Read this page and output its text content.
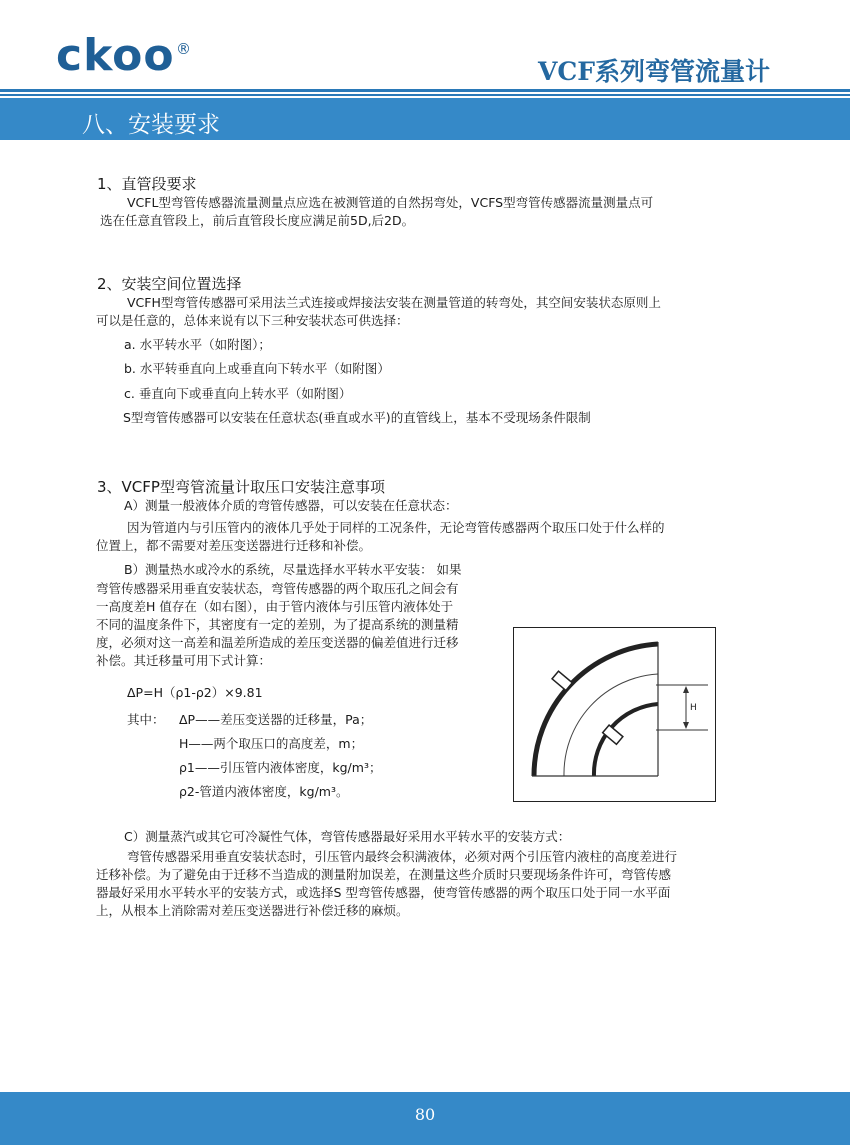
ckoo ®
VCF系列弯管流量计
八、安装要求

1、直管段要求

VCFL型弯管传感器流量测量点应选在被测管道的自然拐弯处，VCFS型弯管传感器流量测量点可

选在任意直管段上，前后直管段长度应满足前5D,后2D。

2、安装空间位置选择

VCFH型弯管传感器可采用法兰式连接或焊接法安装在测量管道的转弯处，其空间安装状态原则上

可以是任意的，总体来说有以下三种安装状态可供选择：

a. 水平转水平（如附图）；

b. 水平转垂直向上或垂直向下转水平（如附图）

c. 垂直向下或垂直向上转水平（如附图）

S型弯管传感器可以安装在任意状态(垂直或水平)的直管线上，基本不受现场条件限制

3、VCFP型弯管流量计取压口安装注意事项

A）测量一般液体介质的弯管传感器，可以安装在任意状态：

因为管道内与引压管内的液体几乎处于同样的工况条件，无论弯管传感器两个取压口处于什么样的

位置上，都不需要对差压变送器进行迁移和补偿。

B）测量热水或冷水的系统，尽量选择水平转水平安装： 如果

弯管传感器采用垂直安装状态，弯管传感器的两个取压孔之间会有

一高度差H 值存在（如右图），由于管内液体与引压管内液体处于

不同的温度条件下，其密度有一定的差别，为了提高系统的测量精

度，必须对这一高差和温差所造成的差压变送器的偏差值进行迁移

补偿。其迁移量可用下式计算：

ΔP=H（ρ1-ρ2）×9.81

其中： ΔP——差压变送器的迁移量，Pa；

H——两个取压口的高度差，m；

ρ1——引压管内液体密度，kg/m³；

ρ2-管道内液体密度，kg/m³。

H

C）测量蒸汽或其它可冷凝性气体，弯管传感器最好采用水平转水平的安装方式：

弯管传感器采用垂直安装状态时，引压管内最终会积满液体，必须对两个引压管内液柱的高度差进行

迁移补偿。为了避免由于迁移不当造成的测量附加误差，在测量这些介质时只要现场条件许可，弯管传感

器最好采用水平转水平的安装方式，或选择S 型弯管传感器，使弯管传感器的两个取压口处于同一水平面

上，从根本上消除需对差压变送器进行补偿迁移的麻烦。

80
